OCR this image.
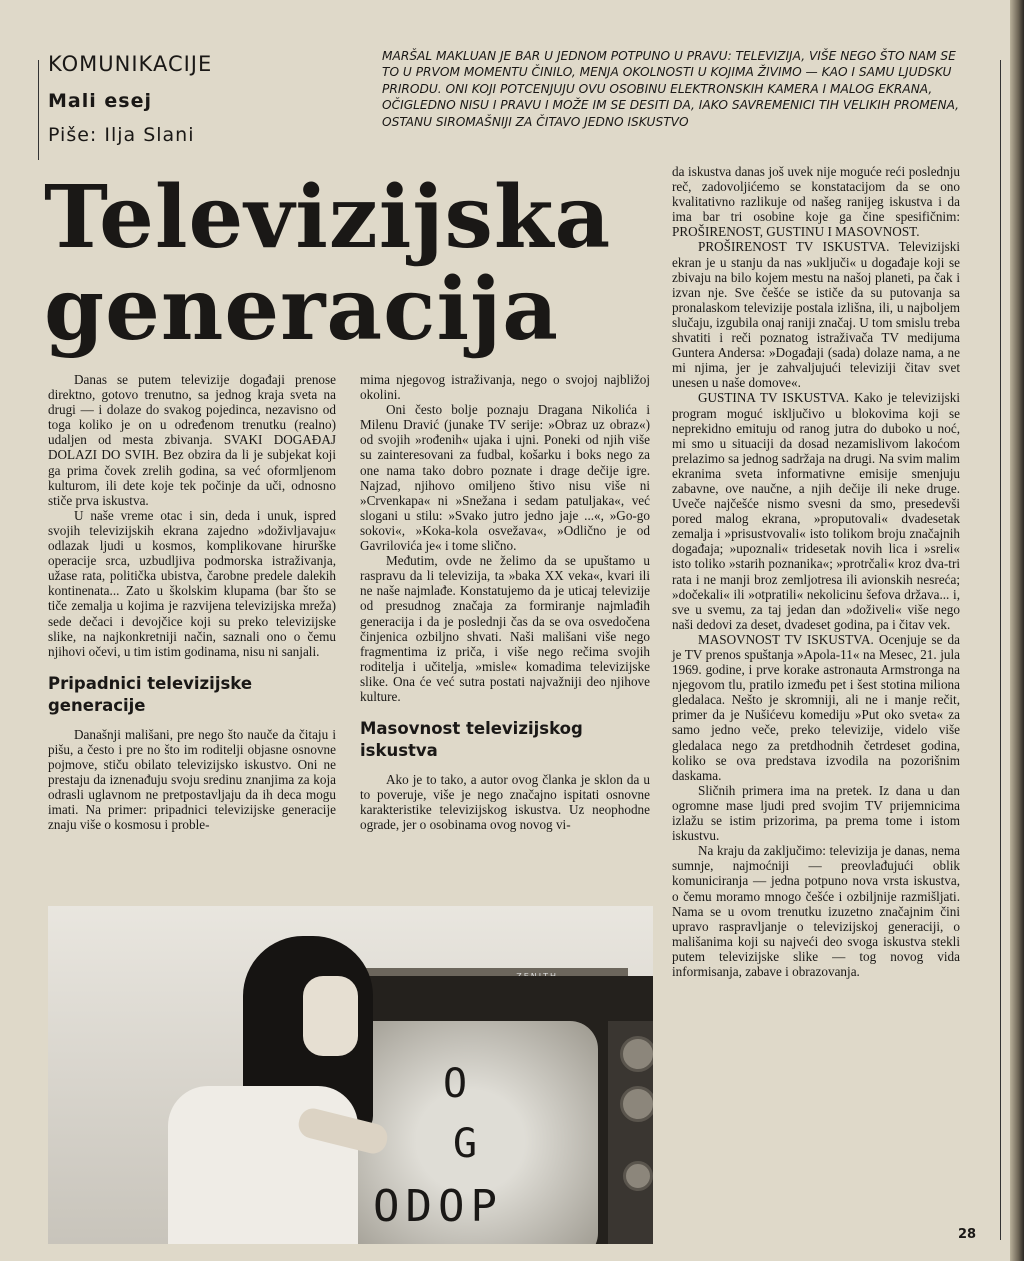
KOMUNIKACIJE
Mali esej
Piše: Ilja Slani
MARŠAL MAKLUAN JE BAR U JEDNOM POTPUNO U PRAVU: TELEVIZIJA, VIŠE NEGO ŠTO NAM SE TO U PRVOM MOMENTU ČINILO, MENJA OKOLNOSTI U KOJIMA ŽIVIMO — KAO I SAMU LJUDSKU PRIRODU. ONI KOJI POTCENJUJU OVU OSOBINU ELEKTRONSKIH KAMERA I MALOG EKRANA, OČIGLEDNO NISU I PRAVU I MOŽE IM SE DESITI DA, IAKO SAVREMENICI TIH VELIKIH PROMENA, OSTANU SIROMAŠNIJI ZA ČITAVO JEDNO ISKUSTVO
Televizijska
generacija

Danas se putem televizije događaji prenose direktno, gotovo trenutno, sa jednog kraja sveta na drugi — i dolaze do svakog pojedinca, nezavisno od toga koliko je on u određenom trenutku (realno) udaljen od mesta zbivanja. SVAKI DOGAĐAJ DOLAZI DO SVIH. Bez obzira da li je subjekat koji ga prima čovek zrelih godina, sa već oformljenom kulturom, ili dete koje tek počinje da uči, odnosno stiče prva iskustva.

U naše vreme otac i sin, deda i unuk, ispred svojih televizijskih ekrana zajedno »doživljavaju« odlazak ljudi u kosmos, komplikovane hirurške operacije srca, uzbudljiva podmorska istraživanja, užase rata, politička ubistva, čarobne predele dalekih kontinenata... Zato u školskim klupama (bar što se tiče zemalja u kojima je razvijena televizijska mreža) sede dečaci i devojčice koji su preko televizijske slike, na najkonkretniji način, saznali ono o čemu njihovi očevi, u tim istim godinama, nisu ni sanjali.

Pripadnici televizijske generacije

Današnji mališani, pre nego što nauče da čitaju i pišu, a često i pre no što im roditelji objasne osnovne pojmove, stiču obilato televizijsko iskustvo. Oni ne prestaju da iznenađuju svoju sredinu znanjima za koja odrasli uglavnom ne pretpostavljaju da ih deca mogu imati. Na primer: pripadnici televizijske generacije znaju više o kosmosu i proble-

mima njegovog istraživanja, nego o svojoj najbližoj okolini.

Oni često bolje poznaju Dragana Nikolića i Milenu Dravić (junake TV serije: »Obraz uz obraz«) od svojih »rođenih« ujaka i ujni. Poneki od njih više su zainteresovani za fudbal, košarku i boks nego za one nama tako dobro poznate i drage dečije igre. Najzad, njihovo omiljeno štivo nisu više ni »Crvenkapa« ni »Snežana i sedam patuljaka«, već slogani u stilu: »Svako jutro jedno jaje ...«, »Go-go sokovi«, »Koka-kola osvežava«, »Odlično je od Gavrilovića je« i tome slično.

Međutim, ovde ne želimo da se upuštamo u raspravu da li televizija, ta »baka XX veka«, kvari ili ne naše najmlađe. Konstatujemo da je uticaj televizije od presudnog značaja za formiranje najmlađih generacija i da je poslednji čas da se ova osvedočena činjenica ozbiljno shvati. Naši mališani više nego fragmentima iz priča, i više nego rečima svojih roditelja i učitelja, »misle« komadima televizijske slike. Ona će već sutra postati najvažniji deo njihove kulture.

Masovnost televizijskog iskustva

Ako je to tako, a autor ovog članka je sklon da u to poveruje, više je nego značajno ispitati osnovne karakteristike televizijskog iskustva. Uz neophodne ograde, jer o osobinama ovog novog vi-

da iskustva danas još uvek nije moguće reći poslednju reč, zadovoljićemo se konstatacijom da se ono kvalitativno razlikuje od našeg ranijeg iskustva i da ima bar tri osobine koje ga čine spesifičnim: PROŠIRENOST, GUSTINU I MASOVNOST.

PROŠIRENOST TV ISKUSTVA. Televizijski ekran je u stanju da nas »uključi« u događaje koji se zbivaju na bilo kojem mestu na našoj planeti, pa čak i izvan nje. Sve češće se ističe da su putovanja sa pronalaskom televizije postala izlišna, ili, u najboljem slučaju, izgubila onaj raniji značaj. U tom smislu treba shvatiti i reči poznatog istraživača TV medijuma Guntera Andersa: »Događaji (sada) dolaze nama, a ne mi njima, jer je zahvaljujući televiziji čitav svet unesen u naše domove«.

GUSTINA TV ISKUSTVA. Kako je televizijski program moguć isključivo u blokovima koji se neprekidno emituju od ranog jutra do duboko u noć, mi smo u situaciji da dosad nezamislivom lakoćom prelazimo sa jednog sadržaja na drugi. Na svim malim ekranima sveta informativne emisije smenjuju zabavne, ove naučne, a njih dečije ili neke druge. Uveče najčešće nismo svesni da smo, presedevši pored malog ekrana, »proputovali« dvadesetak zemalja i »prisustvovali« isto tolikom broju značajnih događaja; »upoznali« tridesetak novih lica i »sreli« isto toliko »starih poznanika«; »protrčali« kroz dva-tri rata i ne manji broz zemljotresa ili avionskih nesreća; »dočekali« ili »otpratili« nekolicinu šefova država... i, sve u svemu, za taj jedan dan »doživeli« više nego naši dedovi za deset, dvadeset godina, pa i čitav vek.

MASOVNOST TV ISKUSTVA. Ocenjuje se da je TV prenos spuštanja »Apola-11« na Mesec, 21. jula 1969. godine, i prve korake astronauta Armstronga na njegovom tlu, pratilo između pet i šest stotina miliona gledalaca. Nešto je skromniji, ali ne i manje rečit, primer da je Nušićevu komediju »Put oko sveta« za samo jedno veče, preko televizije, videlo više gledalaca nego za pretdhodnih četrdeset godina, koliko se ova predstava izvodila na pozorišnim daskama.

Sličnih primera ima na pretek. Iz dana u dan ogromne mase ljudi pred svojim TV prijemnicima izlažu se istim prizorima, pa prema tome i istom iskustvu.

Na kraju da zaključimo: televizija je danas, nema sumnje, najmoćniji — preovlađujući oblik komuniciranja — jedna potpuno nova vrsta iskustva, o čemu moramo mnogo češće i ozbiljnije razmišljati. Nama se u ovom trenutku izuzetno značajnim čini upravo raspravljanje o televizijskoj generaciji, o mališanima koji su najveći deo svoga iskustva stekli putem televizijske slike — tog novog vida informisanja, zabave i obrazovanja.

O
G
ODOP
28
